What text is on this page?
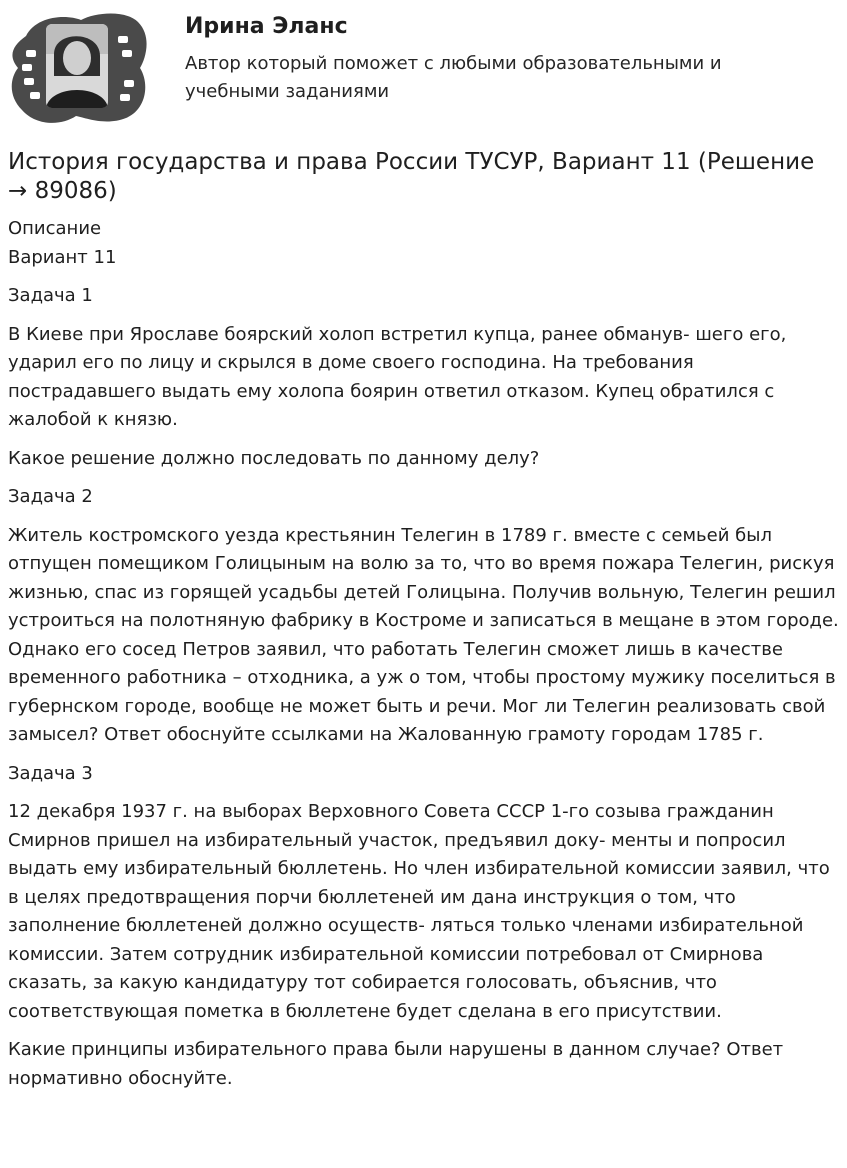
Ирина Эланс
Автор который поможет с любыми образовательными и учебными заданиями
История государства и права России ТУСУР, Вариант 11 (Решение → 89086)

Описание

Вариант 11

Задача 1

В Киеве при Ярославе боярский холоп встретил купца, ранее обманув- шего его, ударил его по лицу и скрылся в доме своего господина. На требования пострадавшего выдать ему холопа боярин ответил отказом. Купец обратился с жалобой к князю.

Какое решение должно последовать по данному делу?

Задача 2

Житель костромского уезда крестьянин Телегин в 1789 г. вместе с семьей был отпущен помещиком Голицыным на волю за то, что во время пожара Телегин, рискуя жизнью, спас из горящей усадьбы детей Голицына. Получив вольную, Телегин решил устроиться на полотняную фабрику в Костроме и записаться в мещане в этом городе. Однако его сосед Петров заявил, что работать Телегин сможет лишь в качестве временного работника – отходника, а уж о том, чтобы простому мужику поселиться в губернском городе, вообще не может быть и речи. Мог ли Телегин реализовать свой замысел? Ответ обоснуйте ссылками на Жалованную грамоту городам 1785 г.

Задача 3

12 декабря 1937 г. на выборах Верховного Совета СССР 1-го созыва гражданин Смирнов пришел на избирательный участок, предъявил доку- менты и попросил выдать ему избирательный бюллетень. Но член избирательной комиссии заявил, что в целях предотвращения порчи бюллетеней им дана инструкция о том, что заполнение бюллетеней должно осуществ- ляться только членами избирательной комиссии. Затем сотрудник избирательной комиссии потребовал от Смирнова сказать, за какую кандидатуру тот собирается голосовать, объяснив, что соответствующая пометка в бюллетене будет сделана в его присутствии.

Какие принципы избирательного права были нарушены в данном случае? Ответ нормативно обоснуйте.
